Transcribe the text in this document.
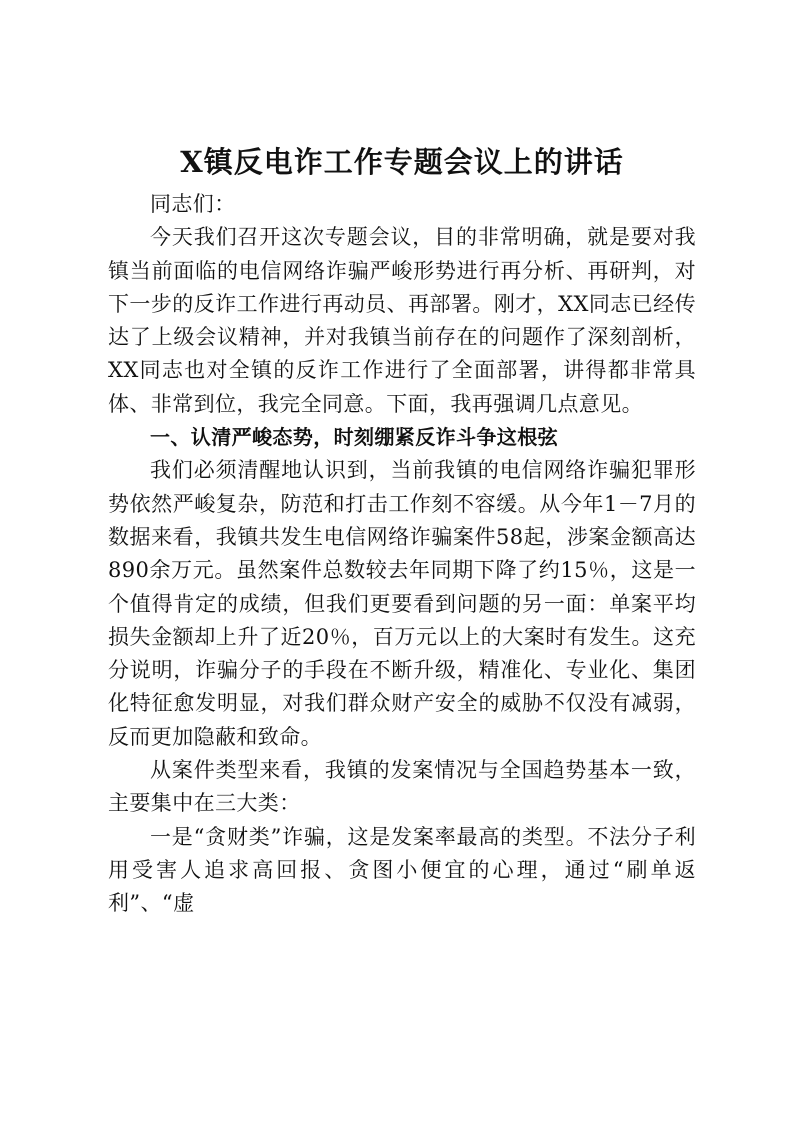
X镇反电诈工作专题会议上的讲话

同志们：

今天我们召开这次专题会议，目的非常明确，就是要对我镇当前面临的电信网络诈骗严峻形势进行再分析、再研判，对下一步的反诈工作进行再动员、再部署。刚才，XX同志已经传达了上级会议精神，并对我镇当前存在的问题作了深刻剖析，XX同志也对全镇的反诈工作进行了全面部署，讲得都非常具体、非常到位，我完全同意。下面，我再强调几点意见。

一、认清严峻态势，时刻绷紧反诈斗争这根弦

我们必须清醒地认识到，当前我镇的电信网络诈骗犯罪形势依然严峻复杂，防范和打击工作刻不容缓。从今年1－7月的数据来看，我镇共发生电信网络诈骗案件58起，涉案金额高达890余万元。虽然案件总数较去年同期下降了约15％，这是一个值得肯定的成绩，但我们更要看到问题的另一面：单案平均损失金额却上升了近20％，百万元以上的大案时有发生。这充分说明，诈骗分子的手段在不断升级，精准化、专业化、集团化特征愈发明显，对我们群众财产安全的威胁不仅没有减弱，反而更加隐蔽和致命。

从案件类型来看，我镇的发案情况与全国趋势基本一致，主要集中在三大类：

一是“贪财类”诈骗，这是发案率最高的类型。不法分子利用受害人追求高回报、贪图小便宜的心理，通过“刷单返利”、“虚
